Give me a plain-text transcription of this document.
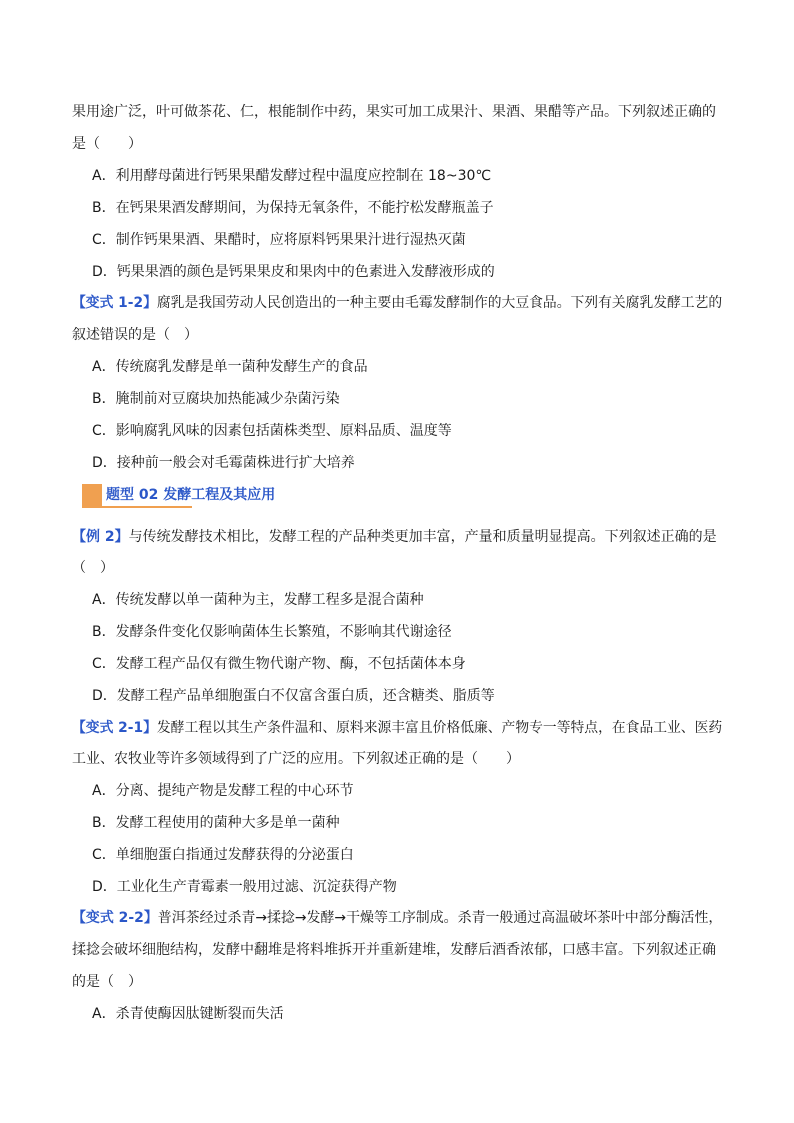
果用途广泛，叶可做茶花、仁，根能制作中药，果实可加工成果汁、果酒、果醋等产品。下列叙述正确的
是（　　）
A．利用酵母菌进行钙果果醋发酵过程中温度应控制在 18~30℃
B．在钙果果酒发酵期间，为保持无氧条件，不能拧松发酵瓶盖子
C．制作钙果果酒、果醋时，应将原料钙果果汁进行湿热灭菌
D．钙果果酒的颜色是钙果果皮和果肉中的色素进入发酵液形成的
【变式 1-2】腐乳是我国劳动人民创造出的一种主要由毛霉发酵制作的大豆食品。下列有关腐乳发酵工艺的
叙述错误的是（　）
A．传统腐乳发酵是单一菌种发酵生产的食品
B．腌制前对豆腐块加热能减少杂菌污染
C．影响腐乳风味的因素包括菌株类型、原料品质、温度等
D．接种前一般会对毛霉菌株进行扩大培养
题型 02 发酵工程及其应用
【例 2】与传统发酵技术相比，发酵工程的产品种类更加丰富，产量和质量明显提高。下列叙述正确的是
（　）
A．传统发酵以单一菌种为主，发酵工程多是混合菌种
B．发酵条件变化仅影响菌体生长繁殖，不影响其代谢途径
C．发酵工程产品仅有微生物代谢产物、酶，不包括菌体本身
D．发酵工程产品单细胞蛋白不仅富含蛋白质，还含糖类、脂质等
【变式 2-1】发酵工程以其生产条件温和、原料来源丰富且价格低廉、产物专一等特点，在食品工业、医药
工业、农牧业等许多领域得到了广泛的应用。下列叙述正确的是（　　）
A．分离、提纯产物是发酵工程的中心环节
B．发酵工程使用的菌种大多是单一菌种
C．单细胞蛋白指通过发酵获得的分泌蛋白
D．工业化生产青霉素一般用过滤、沉淀获得产物
【变式 2-2】普洱茶经过杀青→揉捻→发酵→干燥等工序制成。杀青一般通过高温破坏茶叶中部分酶活性，
揉捻会破坏细胞结构，发酵中翻堆是将料堆拆开并重新建堆，发酵后酒香浓郁，口感丰富。下列叙述正确
的是（　）
A．杀青使酶因肽键断裂而失活
